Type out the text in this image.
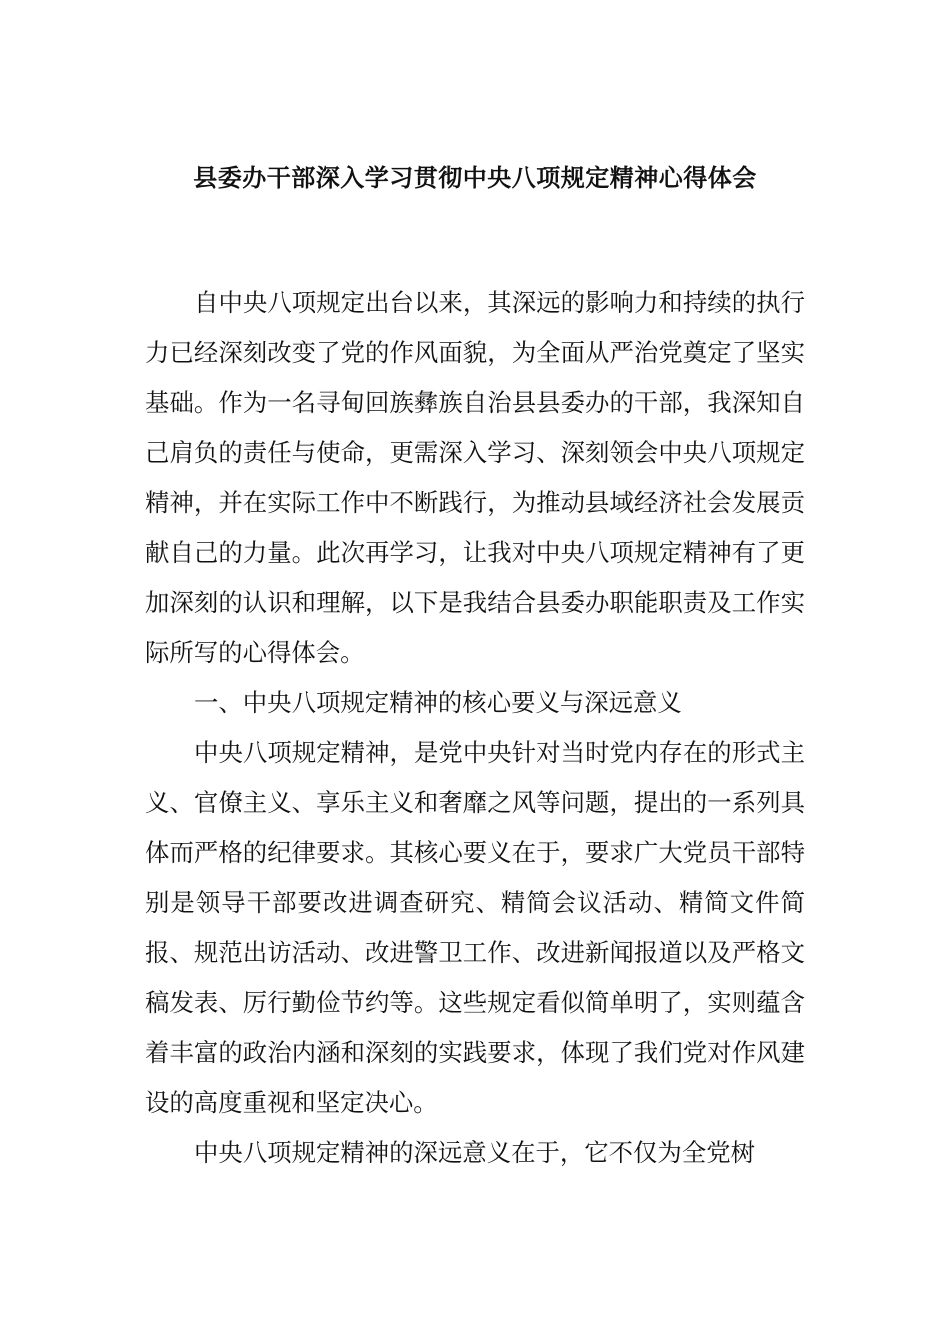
县委办干部深入学习贯彻中央八项规定精神心得体会

自中央八项规定出台以来，其深远的影响力和持续的执行力已经深刻改变了党的作风面貌，为全面从严治党奠定了坚实基础。作为一名寻甸回族彝族自治县县委办的干部，我深知自己肩负的责任与使命，更需深入学习、深刻领会中央八项规定精神，并在实际工作中不断践行，为推动县域经济社会发展贡献自己的力量。此次再学习，让我对中央八项规定精神有了更加深刻的认识和理解，以下是我结合县委办职能职责及工作实际所写的心得体会。

一、中央八项规定精神的核心要义与深远意义

中央八项规定精神，是党中央针对当时党内存在的形式主义、官僚主义、享乐主义和奢靡之风等问题，提出的一系列具体而严格的纪律要求。其核心要义在于，要求广大党员干部特别是领导干部要改进调查研究、精简会议活动、精简文件简报、规范出访活动、改进警卫工作、改进新闻报道以及严格文稿发表、厉行勤俭节约等。这些规定看似简单明了，实则蕴含着丰富的政治内涵和深刻的实践要求，体现了我们党对作风建设的高度重视和坚定决心。

中央八项规定精神的深远意义在于，它不仅为全党树
